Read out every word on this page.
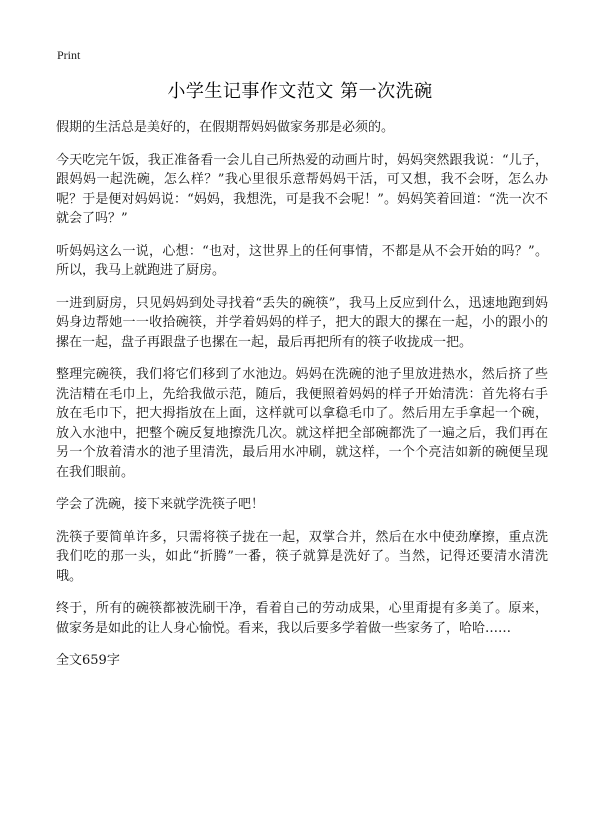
Print
小学生记事作文范文 第一次洗碗

假期的生活总是美好的，在假期帮妈妈做家务那是必须的。

今天吃完午饭，我正准备看一会儿自己所热爱的动画片时，妈妈突然跟我说：“儿子，跟妈妈一起洗碗，怎么样？”我心里很乐意帮妈妈干活，可又想，我不会呀，怎么办呢？于是便对妈妈说：“妈妈，我想洗，可是我不会呢！”。妈妈笑着回道：“洗一次不就会了吗？”

听妈妈这么一说，心想：“也对，这世界上的任何事情，不都是从不会开始的吗？”。所以，我马上就跑进了厨房。

一进到厨房，只见妈妈到处寻找着“丢失的碗筷”，我马上反应到什么，迅速地跑到妈妈身边帮她一一收拾碗筷，并学着妈妈的样子，把大的跟大的摞在一起，小的跟小的摞在一起，盘子再跟盘子也摞在一起，最后再把所有的筷子收拢成一把。

整理完碗筷，我们将它们移到了水池边。妈妈在洗碗的池子里放进热水，然后挤了些洗洁精在毛巾上，先给我做示范，随后，我便照着妈妈的样子开始清洗：首先将右手放在毛巾下，把大拇指放在上面，这样就可以拿稳毛巾了。然后用左手拿起一个碗，放入水池中，把整个碗反复地擦洗几次。就这样把全部碗都洗了一遍之后，我们再在另一个放着清水的池子里清洗，最后用水冲刷，就这样，一个个亮洁如新的碗便呈现在我们眼前。

学会了洗碗，接下来就学洗筷子吧！

洗筷子要简单许多，只需将筷子拢在一起，双掌合并，然后在水中使劲摩擦，重点洗我们吃的那一头，如此“折腾”一番，筷子就算是洗好了。当然，记得还要清水清洗哦。

终于，所有的碗筷都被洗刷干净，看着自己的劳动成果，心里甭提有多美了。原来，做家务是如此的让人身心愉悦。看来，我以后要多学着做一些家务了，哈哈……

全文659字
